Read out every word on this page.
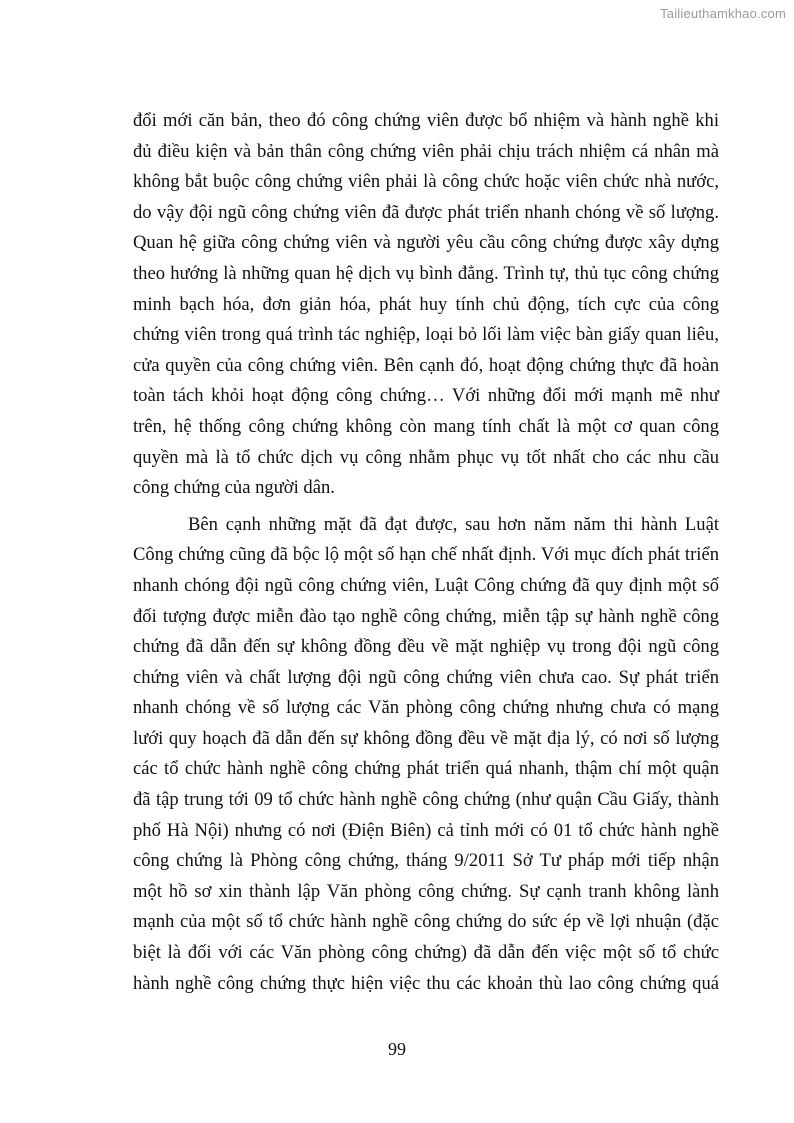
Tailieuthamkhao.com
đổi mới căn bản, theo đó công chứng viên được bổ nhiệm và hành nghề khi
đủ điều kiện và bản thân công chứng viên phải chịu trách nhiệm cá nhân mà
không bắt buộc công chứng viên phải là công chức hoặc viên chức nhà nước,
do vậy đội ngũ công chứng viên đã được phát triển nhanh chóng về số lượng.
Quan hệ giữa công chứng viên và người yêu cầu công chứng được xây dựng
theo hướng là những quan hệ dịch vụ bình đẳng. Trình tự, thủ tục công chứng
minh bạch hóa, đơn giản hóa, phát huy tính chủ động, tích cực của công
chứng viên trong quá trình tác nghiệp, loại bỏ lối làm việc bàn giấy quan liêu,
cửa quyền của công chứng viên. Bên cạnh đó, hoạt động chứng thực đã hoàn
toàn tách khỏi hoạt động công chứng… Với những đổi mới mạnh mẽ như
trên, hệ thống công chứng không còn mang tính chất là một cơ quan công
quyền mà là tổ chức dịch vụ công nhằm phục vụ tốt nhất cho các nhu cầu
công chứng của người dân.
Bên cạnh những mặt đã đạt được, sau hơn năm năm thi hành Luật
Công chứng cũng đã bộc lộ một số hạn chế nhất định. Với mục đích phát triển
nhanh chóng đội ngũ công chứng viên, Luật Công chứng đã quy định một số
đối tượng được miễn đào tạo nghề công chứng, miễn tập sự hành nghề công
chứng đã dẫn đến sự không đồng đều về mặt nghiệp vụ trong đội ngũ công
chứng viên và chất lượng đội ngũ công chứng viên chưa cao. Sự phát triển
nhanh chóng về số lượng các Văn phòng công chứng nhưng chưa có mạng
lưới quy hoạch đã dẫn đến sự không đồng đều về mặt địa lý, có nơi số lượng
các tổ chức hành nghề công chứng phát triển quá nhanh, thậm chí một quận
đã tập trung tới 09 tổ chức hành nghề công chứng (như quận Cầu Giấy, thành
phố Hà Nội) nhưng có nơi (Điện Biên) cả tỉnh mới có 01 tổ chức hành nghề
công chứng là Phòng công chứng, tháng 9/2011 Sở Tư pháp mới tiếp nhận
một hồ sơ xin thành lập Văn phòng công chứng. Sự cạnh tranh không lành
mạnh của một số tổ chức hành nghề công chứng do sức ép về lợi nhuận (đặc
biệt là đối với các Văn phòng công chứng) đã dẫn đến việc một số tổ chức
hành nghề công chứng thực hiện việc thu các khoản thù lao công chứng quá
99
